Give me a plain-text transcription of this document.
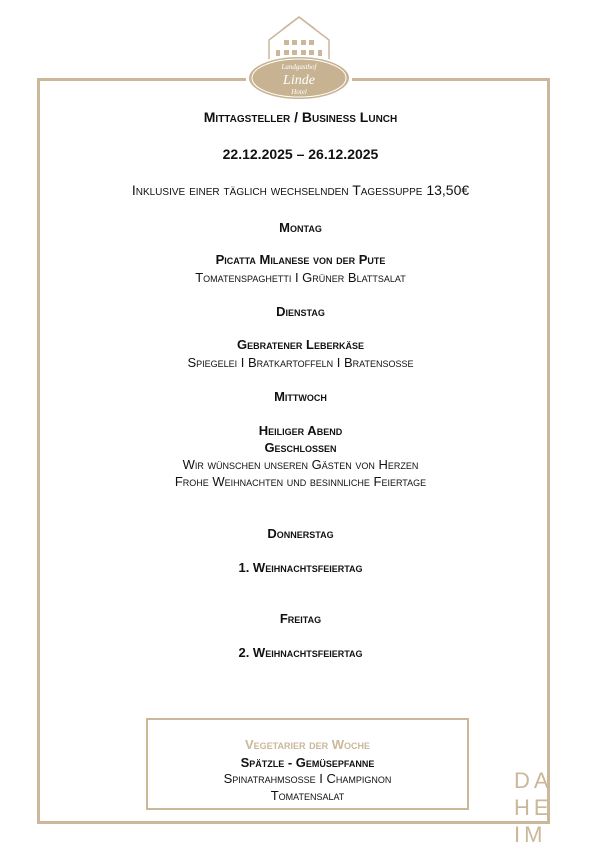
Landgasthof
Linde
Hotel
Mittagsteller / Business Lunch
22.12.2025 – 26.12.2025
Inklusive einer täglich wechselnden Tagessuppe 13,50€
Montag
Picatta Milanese von der Pute
Tomatenspaghetti I Grüner Blattsalat
Dienstag
Gebratener Leberkäse
Spiegelei I Bratkartoffeln I Bratensoße
Mittwoch
Heiliger Abend
Geschlossen
Wir wünschen unseren Gästen von Herzen
Frohe Weihnachten und besinnliche Feiertage
Donnerstag
1. Weihnachtsfeiertag
Freitag
2. Weihnachtsfeiertag
Vegetarier der Woche
Spätzle - Gemüsepfanne
Spinatrahmsoße I Champignon
Tomatensalat
DA
HE
IM
